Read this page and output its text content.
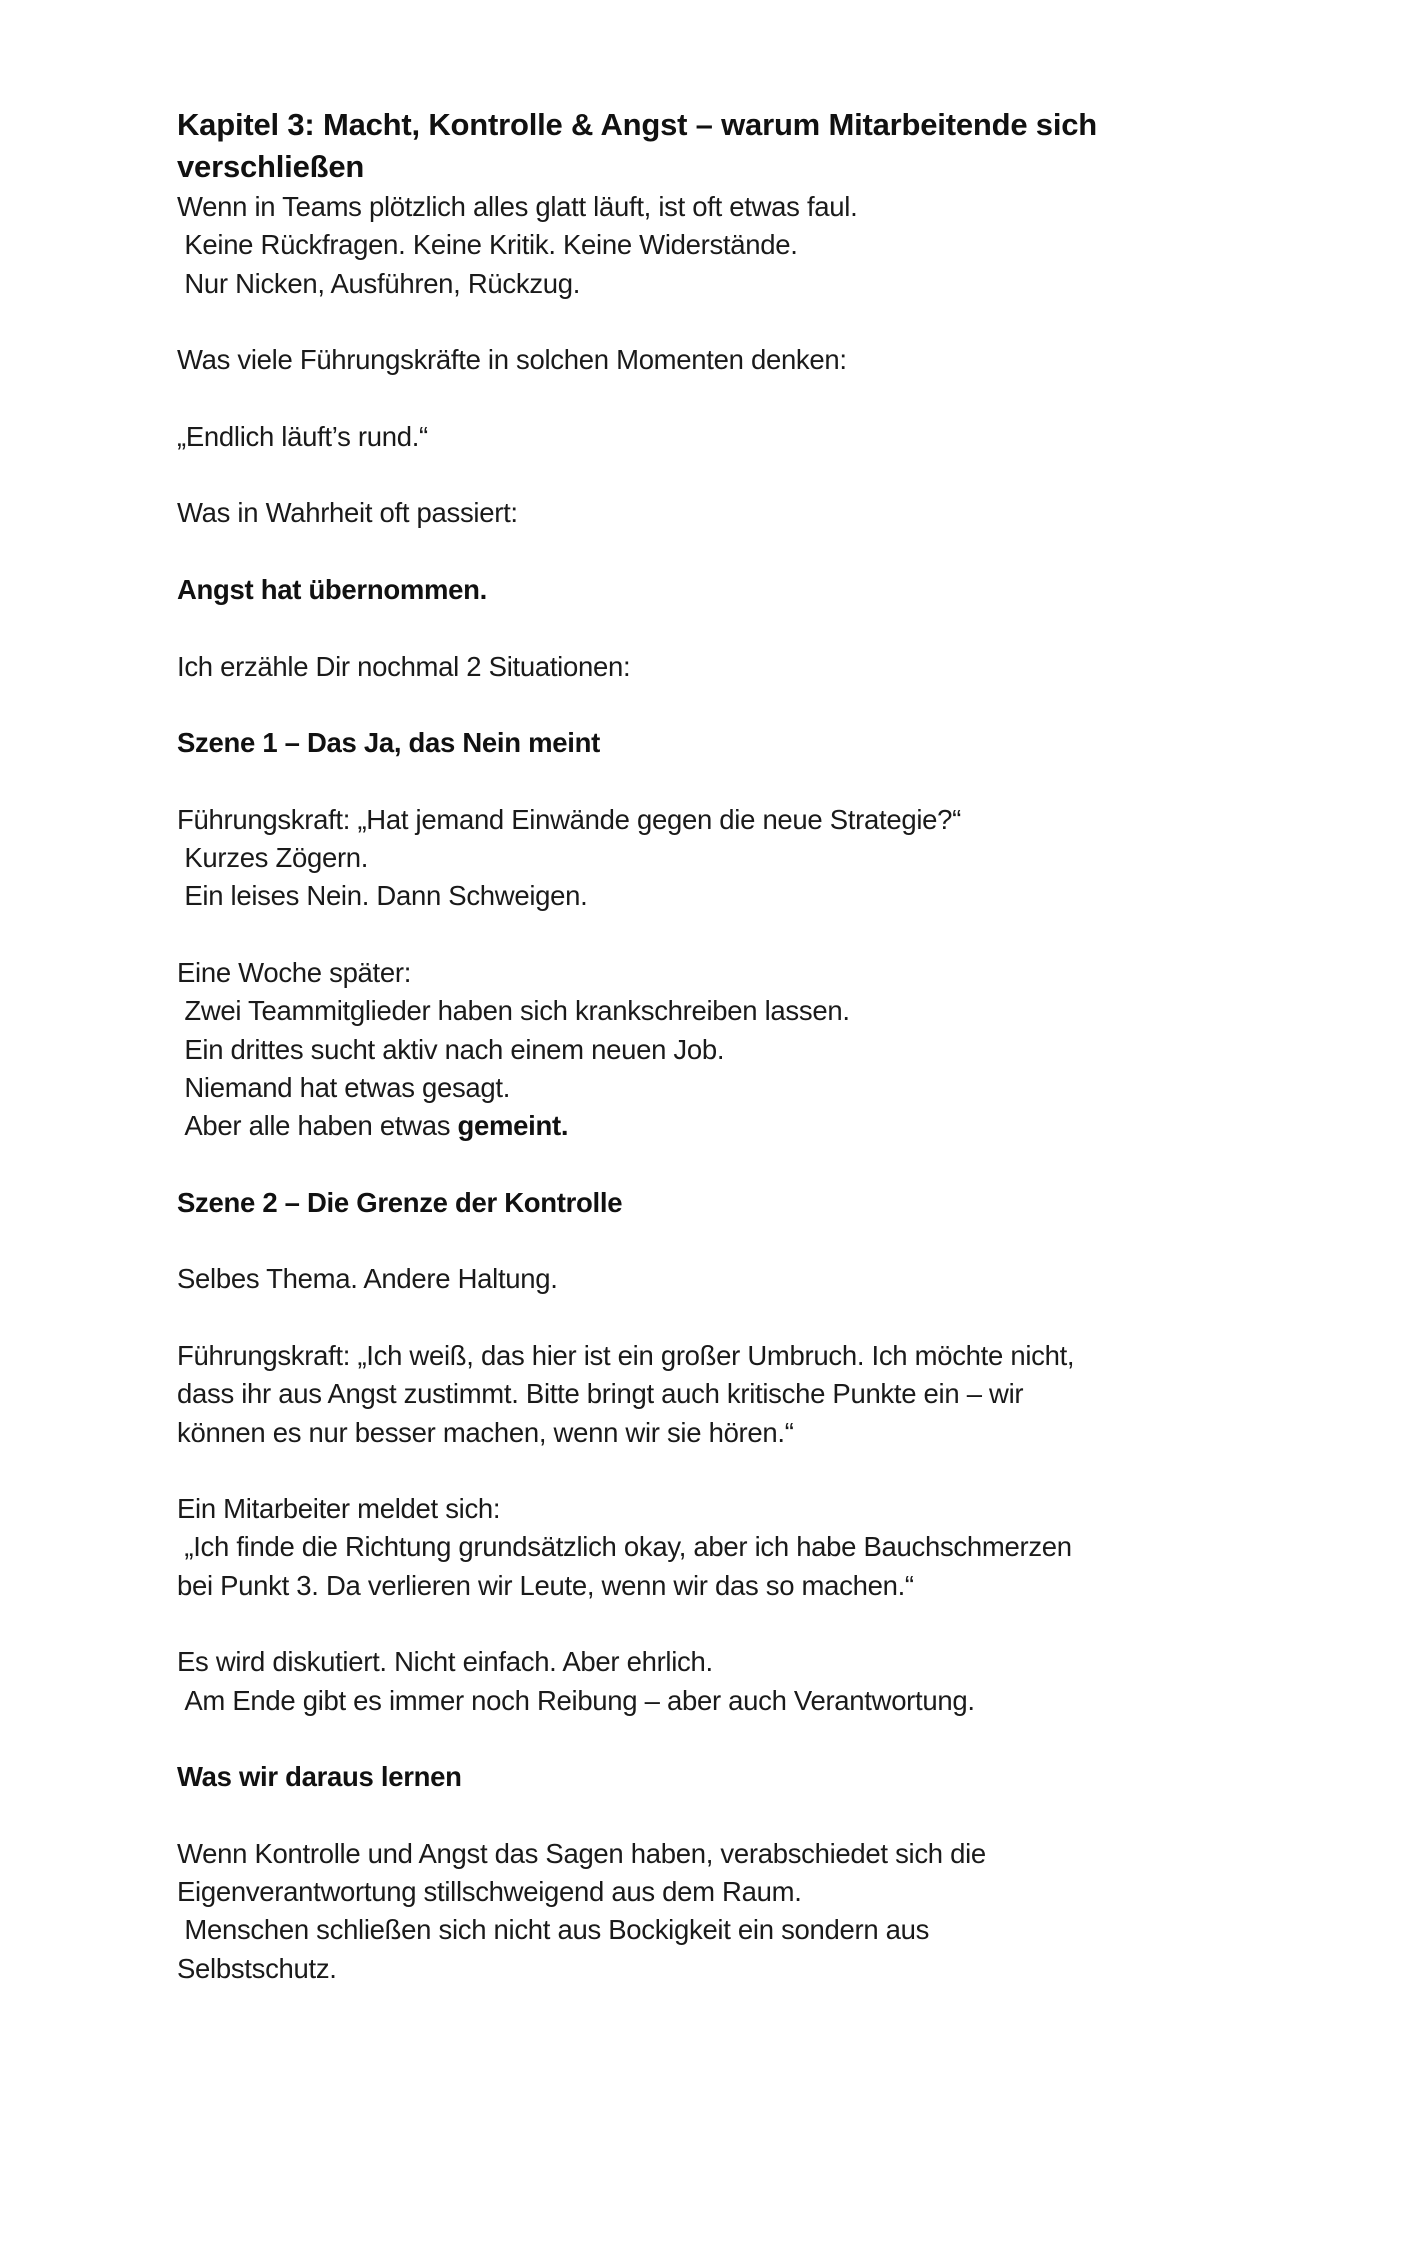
Kapitel 3: Macht, Kontrolle & Angst – warum Mitarbeitende sich verschließen

Wenn in Teams plötzlich alles glatt läuft, ist oft etwas faul.

Keine Rückfragen. Keine Kritik. Keine Widerstände.

Nur Nicken, Ausführen, Rückzug.

Was viele Führungskräfte in solchen Momenten denken:

„Endlich läuft’s rund.“

Was in Wahrheit oft passiert:

Angst hat übernommen.

Ich erzähle Dir nochmal 2 Situationen:

Szene 1 – Das Ja, das Nein meint

Führungskraft: „Hat jemand Einwände gegen die neue Strategie?“

Kurzes Zögern.

Ein leises Nein. Dann Schweigen.

Eine Woche später:

Zwei Teammitglieder haben sich krankschreiben lassen.

Ein drittes sucht aktiv nach einem neuen Job.

Niemand hat etwas gesagt.

Aber alle haben etwas gemeint.

Szene 2 – Die Grenze der Kontrolle

Selbes Thema. Andere Haltung.

Führungskraft: „Ich weiß, das hier ist ein großer Umbruch. Ich möchte nicht,

dass ihr aus Angst zustimmt. Bitte bringt auch kritische Punkte ein – wir

können es nur besser machen, wenn wir sie hören.“

Ein Mitarbeiter meldet sich:

„Ich finde die Richtung grundsätzlich okay, aber ich habe Bauchschmerzen

bei Punkt 3. Da verlieren wir Leute, wenn wir das so machen.“

Es wird diskutiert. Nicht einfach. Aber ehrlich.

Am Ende gibt es immer noch Reibung – aber auch Verantwortung.

Was wir daraus lernen

Wenn Kontrolle und Angst das Sagen haben, verabschiedet sich die

Eigenverantwortung stillschweigend aus dem Raum.

Menschen schließen sich nicht aus Bockigkeit ein sondern aus

Selbstschutz.
